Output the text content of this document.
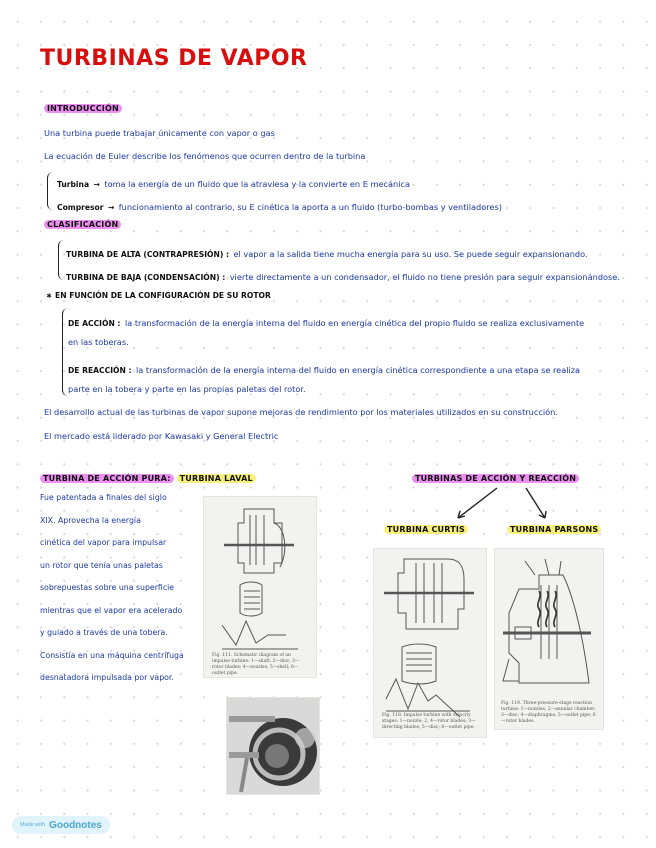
TURBINAS DE VAPOR
INTRODUCCIÓN
Una turbina puede trabajar únicamente con vapor o gas
La ecuación de Euler describe los fenómenos que ocurren dentro de la turbina
Turbina → toma la energía de un fluido que la atraviesa y la convierte en E mecánica
Compresor → funcionamiento al contrario, su E cinética la aporta a un fluido (turbo-bombas y ventiladores)
CLASIFICACIÓN
TURBINA DE ALTA (CONTRAPRESIÓN) : el vapor a la salida tiene mucha energía para su uso. Se puede seguir expansionando.
TURBINA DE BAJA (CONDENSACIÓN) : vierte directamente a un condensador, el fluido no tiene presión para seguir expansionándose.
∗ EN FUNCIÓN DE LA CONFIGURACIÓN DE SU ROTOR
DE ACCIÓN : la transformación de la energía interna del fluido en energía cinética del propio fluido se realiza exclusivamente
en las toberas.
DE REACCIÓN : la transformación de la energía interna del fluido en energía cinética correspondiente a una etapa se realiza
parte en la tobera y parte en las propias paletas del rotor.
El desarrollo actual de las turbinas de vapor supone mejoras de rendimiento por los materiales utilizados en su construcción.
El mercado está liderado por Kawasaki y General Electric
TURBINA DE ACCIÓN PURA: TURBINA LAVAL
Fue patentada a finales del siglo
XIX. Aprovecha la energía
cinética del vapor para impulsar
un rotor que tenía unas paletas
sobrepuestas sobre una superficie
mientras que el vapor era acelerado
y guiado a través de una tobera.
Consistía en una máquina centrífuga
desnatadora impulsada por vapor.
Fig. 111. Schematic diagram of an impulse turbine: 1—shaft; 2—disc; 3—rotor blades; 4—nozzles; 5—shell; 6—outlet pipe.
TURBINAS DE ACCIÓN Y REACCIÓN
TURBINA CURTIS	TURBINA PARSONS
Fig. 118. Impulse turbine with velocity stages: 1—nozzle; 2, 4—rotor blades; 3—directing blades; 5—disc; 6—outlet pipe.
Fig. 119. Three-pressure-stage reaction turbine: 1—nozzles; 2—annular chamber; 3—disc; 4—diaphragms; 5—outlet pipe; 6—rotor blades.
Made with Goodnotes
